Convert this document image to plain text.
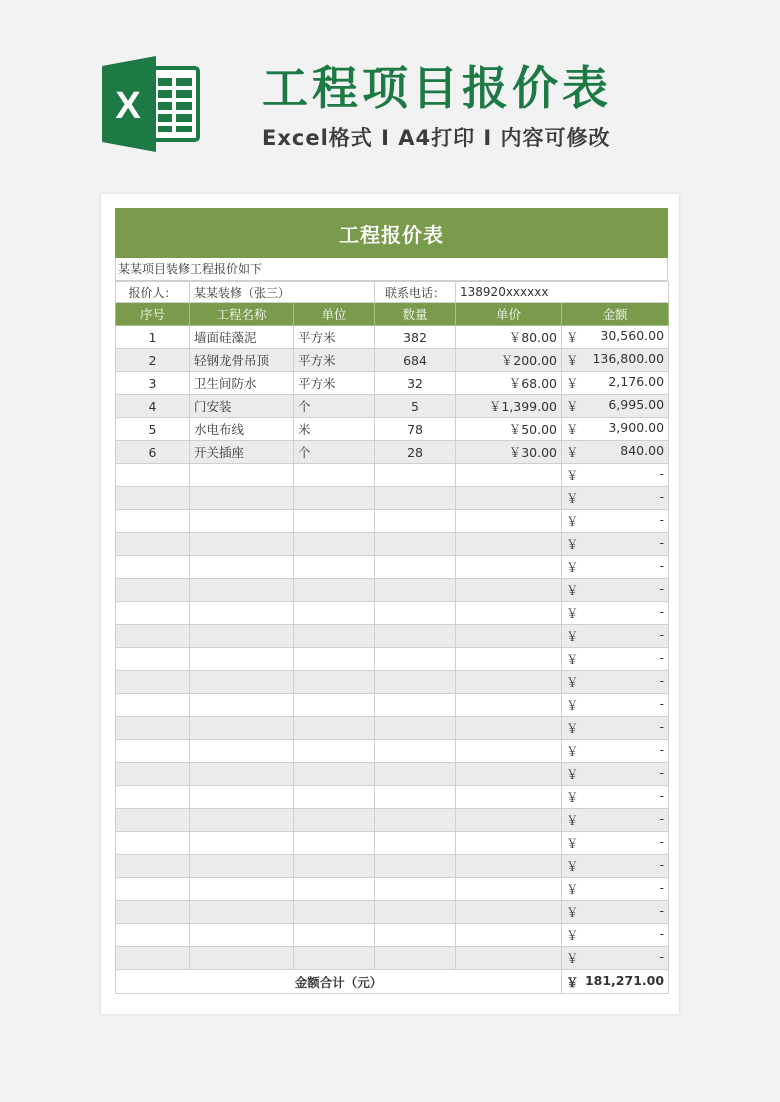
X	工程项目报价表
Excel格式 I A4打印 I 内容可修改
工程报价表
某某项目装修工程报价如下
报价人：	某某装修（张三）		联系电话：	138920xxxxxx	
序号	工程名称	单位	数量	单价	金额
1	墙面硅藻泥	平方米	382	￥80.00	￥ 30,560.00

2	轻钢龙骨吊顶	平方米	684	￥200.00	￥ 136,800.00

3	卫生间防水	平方米	32	￥68.00	￥ 2,176.00

4	门安装	个	5	￥1,399.00	￥ 6,995.00

5	水电布线	米	78	￥50.00	￥ 3,900.00

6	开关插座	个	28	￥30.00	￥ 840.00

					￥ -

					￥ -

					￥ -

					￥ -

					￥ -

					￥ -

					￥ -

					￥ -

					￥ -

					￥ -

					￥ -

					￥ -

					￥ -

					￥ -

					￥ -

					￥ -

					￥ -

					￥ -

					￥ -

					￥ -

					￥ -

					￥ -

金额合计（元）					￥ 181,271.00
